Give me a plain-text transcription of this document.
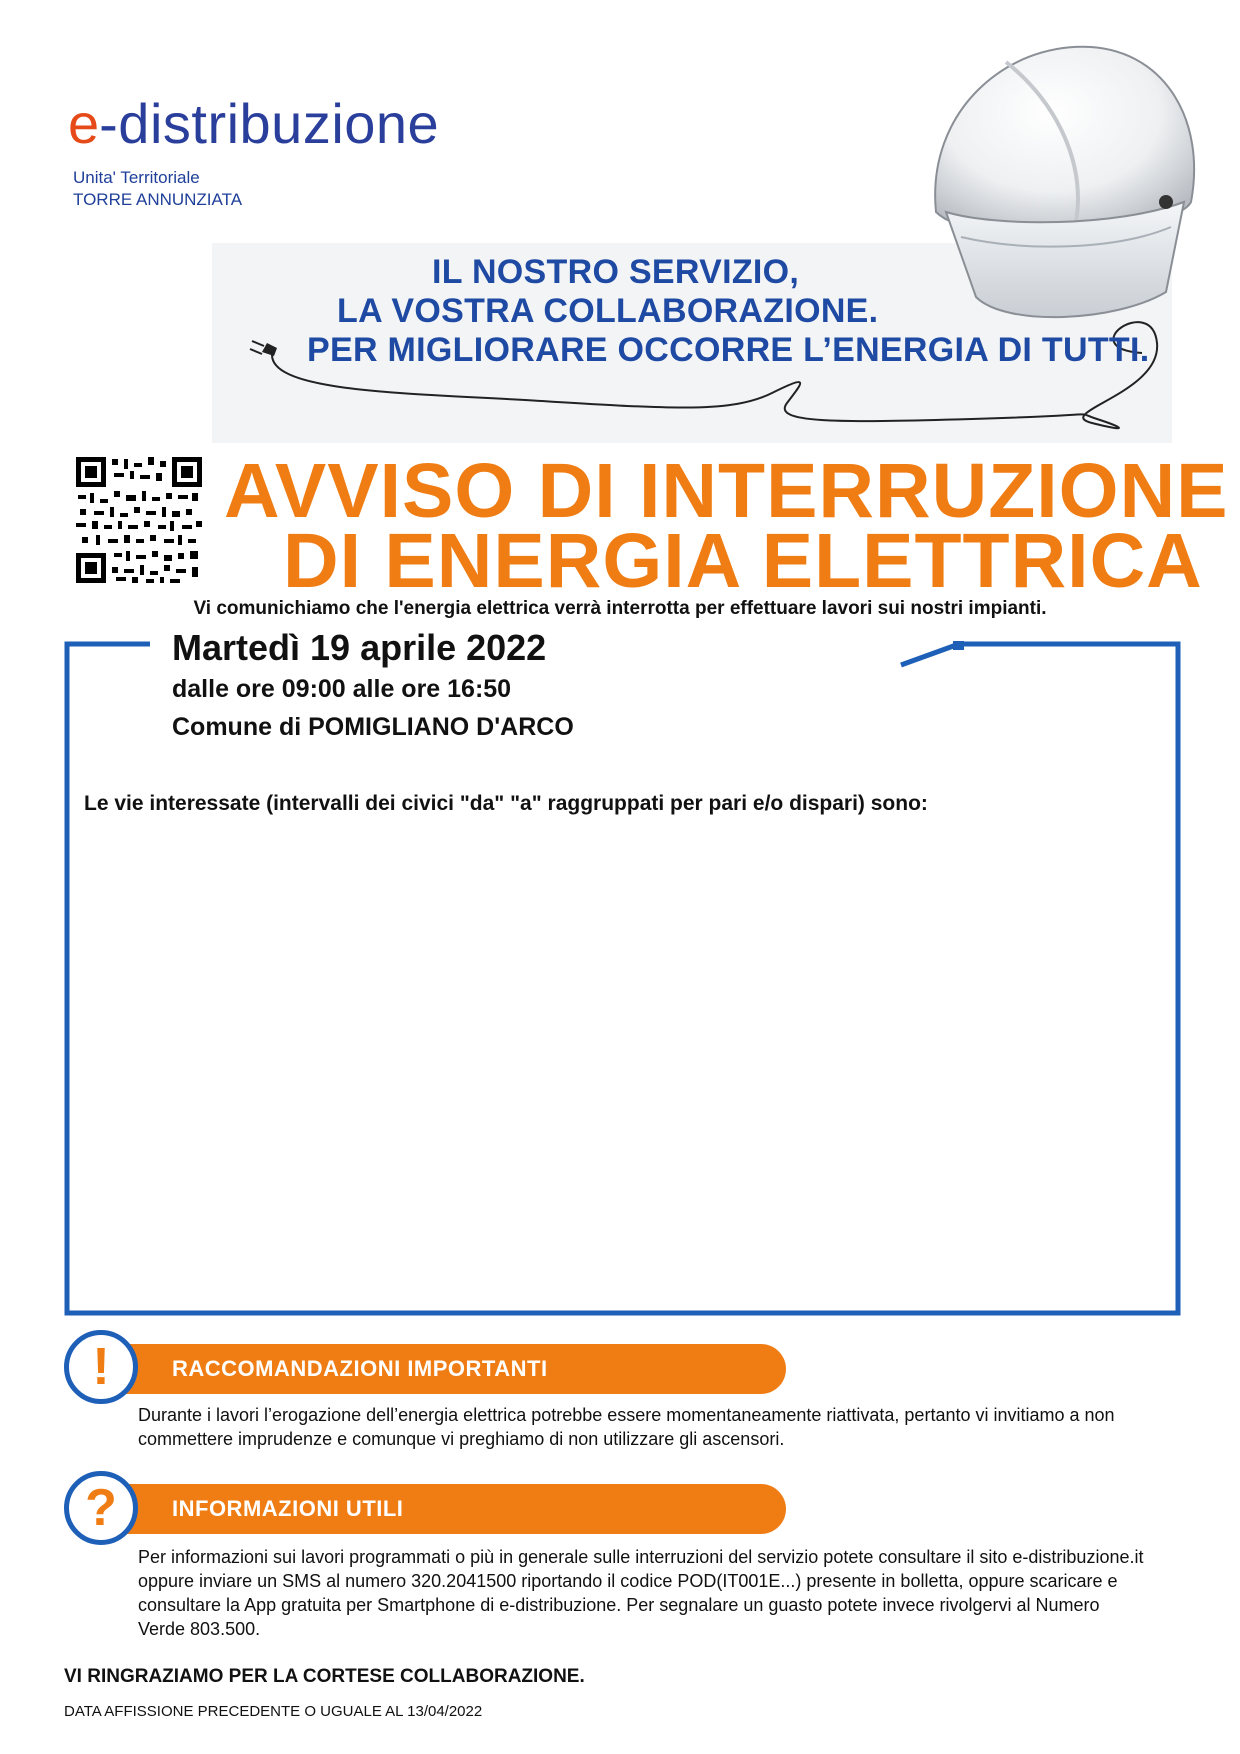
e-distribuzione
Unita' Territoriale
TORRE ANNUNZIATA
IL NOSTRO SERVIZIO,
LA VOSTRA COLLABORAZIONE.
PER MIGLIORARE OCCORRE L’ENERGIA DI TUTTI.
AVVISO DI INTERRUZIONE
DI ENERGIA ELETTRICA
Vi comunichiamo che l'energia elettrica verrà interrotta per effettuare lavori sui nostri impianti.
Martedì 19 aprile 2022
dalle ore 09:00 alle ore 16:50
Comune di POMIGLIANO D'ARCO
Le vie interessate (intervalli dei civici "da" "a" raggruppati per pari e/o dispari) sono:
RACCOMANDAZIONI IMPORTANTI
!
Durante i lavori l’erogazione dell’energia elettrica potrebbe essere momentaneamente riattivata, pertanto vi invitiamo a non commettere imprudenze e comunque vi preghiamo di non utilizzare gli ascensori.
INFORMAZIONI UTILI
?
Per informazioni sui lavori programmati o più in generale sulle interruzioni del servizio potete consultare il sito e-distribuzione.it oppure inviare un SMS al numero 320.2041500 riportando il codice POD(IT001E...) presente in bolletta, oppure scaricare e consultare la App gratuita per Smartphone di e-distribuzione. Per segnalare un guasto potete invece rivolgervi al Numero Verde 803.500.
VI RINGRAZIAMO PER LA CORTESE COLLABORAZIONE.
DATA AFFISSIONE PRECEDENTE O UGUALE AL 13/04/2022
